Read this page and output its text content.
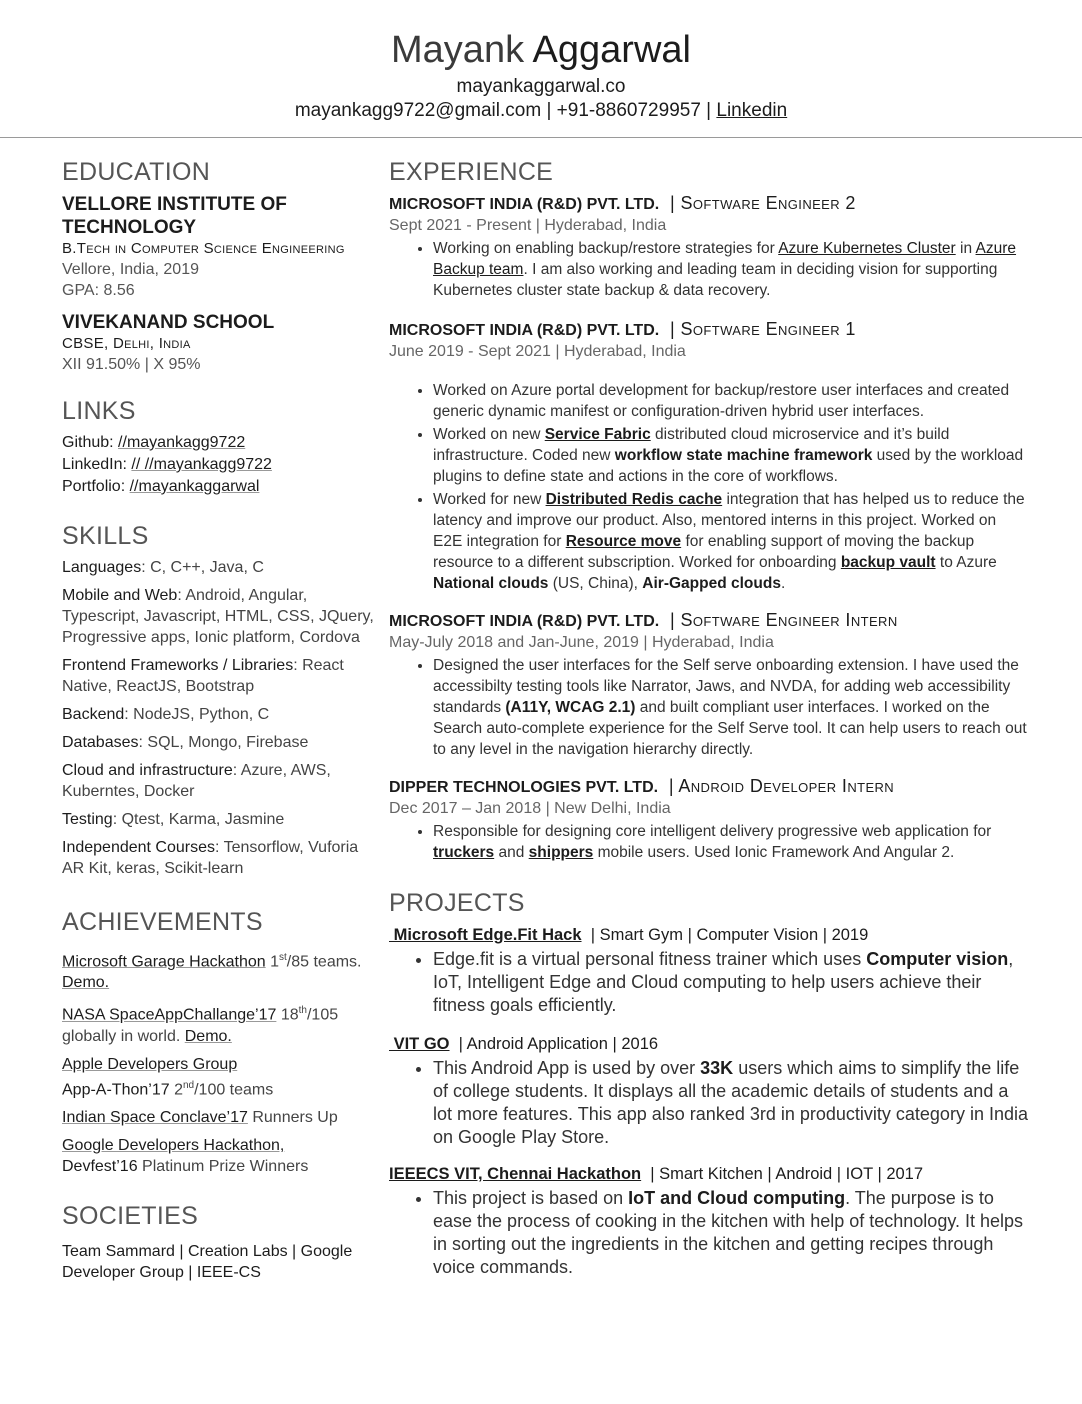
Mayank Aggarwal
mayankaggarwal.co
mayankagg9722@gmail.com | +91-8860729957 | Linkedin
EDUCATION
VELLORE INSTITUTE OF TECHNOLOGY
B.Tech in Computer Science Engineering
Vellore, India, 2019
GPA: 8.56
VIVEKANAND SCHOOL
CBSE, Delhi, India
XII 91.50% | X 95%
LINKS
Github: //mayankagg9722
LinkedIn: // //mayankagg9722
Portfolio: //mayankaggarwal
SKILLS
Languages: C, C++, Java, C
Mobile and Web: Android, Angular, Typescript, Javascript, HTML, CSS, JQuery, Progressive apps, Ionic platform, Cordova
Frontend Frameworks / Libraries: React Native, ReactJS, Bootstrap
Backend: NodeJS, Python, C
Databases: SQL, Mongo, Firebase
Cloud and infrastructure: Azure, AWS, Kuberntes, Docker
Testing: Qtest, Karma, Jasmine
Independent Courses: Tensorflow, Vuforia AR Kit, keras, Scikit-learn
ACHIEVEMENTS
Microsoft Garage Hackathon 1st/85 teams. Demo.
NASA SpaceAppChallange’17 18th/105 globally in world. Demo.
Apple Developers Group
App-A-Thon’17 2nd/100 teams
Indian Space Conclave’17 Runners Up
Google Developers Hackathon,
Devfest’16 Platinum Prize Winners
SOCIETIES
Team Sammard | Creation Labs | Google Developer Group | IEEE-CS
EXPERIENCE
MICROSOFT INDIA (R&D) PVT. LTD.  | Software Engineer 2
Sept 2021 - Present | Hyderabad, India
• Working on enabling backup/restore strategies for Azure Kubernetes Cluster in Azure Backup team. I am also working and leading team in deciding vision for supporting Kubernetes cluster state backup & data recovery.
MICROSOFT INDIA (R&D) PVT. LTD.  | Software Engineer 1
June 2019 - Sept 2021 | Hyderabad, India
• Worked on Azure portal development for backup/restore user interfaces and created generic dynamic manifest or configuration-driven hybrid user interfaces.
• Worked on new Service Fabric distributed cloud microservice and it’s build infrastructure. Coded new workflow state machine framework used by the workload plugins to define state and actions in the core of workflows.
• Worked for new Distributed Redis cache integration that has helped us to reduce the latency and improve our product. Also, mentored interns in this project. Worked on E2E integration for Resource move for enabling support of moving the backup resource to a different subscription. Worked for onboarding backup vault to Azure National clouds (US, China), Air-Gapped clouds.
MICROSOFT INDIA (R&D) PVT. LTD.  | Software Engineer Intern
May-July 2018 and Jan-June, 2019 | Hyderabad, India
• Designed the user interfaces for the Self serve onboarding extension. I have used the accessibilty testing tools like Narrator, Jaws, and NVDA, for adding web accessibility standards (A11Y, WCAG 2.1) and built compliant user interfaces. I worked on the Search auto-complete experience for the Self Serve tool. It can help users to reach out to any level in the navigation hierarchy directly.
DIPPER TECHNOLOGIES PVT. LTD.  | Android Developer Intern
Dec 2017 – Jan 2018 | New Delhi, India
• Responsible for designing core intelligent delivery progressive web application for truckers and shippers mobile users. Used Ionic Framework And Angular 2.
PROJECTS
Microsoft Edge.Fit Hack  | Smart Gym | Computer Vision | 2019
• Edge.fit is a virtual personal fitness trainer which uses Computer vision, IoT, Intelligent Edge and Cloud computing to help users achieve their fitness goals efficiently.
VIT GO  | Android Application | 2016
• This Android App is used by over 33K users which aims to simplify the life of college students. It displays all the academic details of students and a lot more features. This app also ranked 3rd in productivity category in India on Google Play Store.
IEEECS VIT, Chennai Hackathon  | Smart Kitchen | Android | IOT | 2017
• This project is based on IoT and Cloud computing. The purpose is to ease the process of cooking in the kitchen with help of technology. It helps in sorting out the ingredients in the kitchen and getting recipes through voice commands.
